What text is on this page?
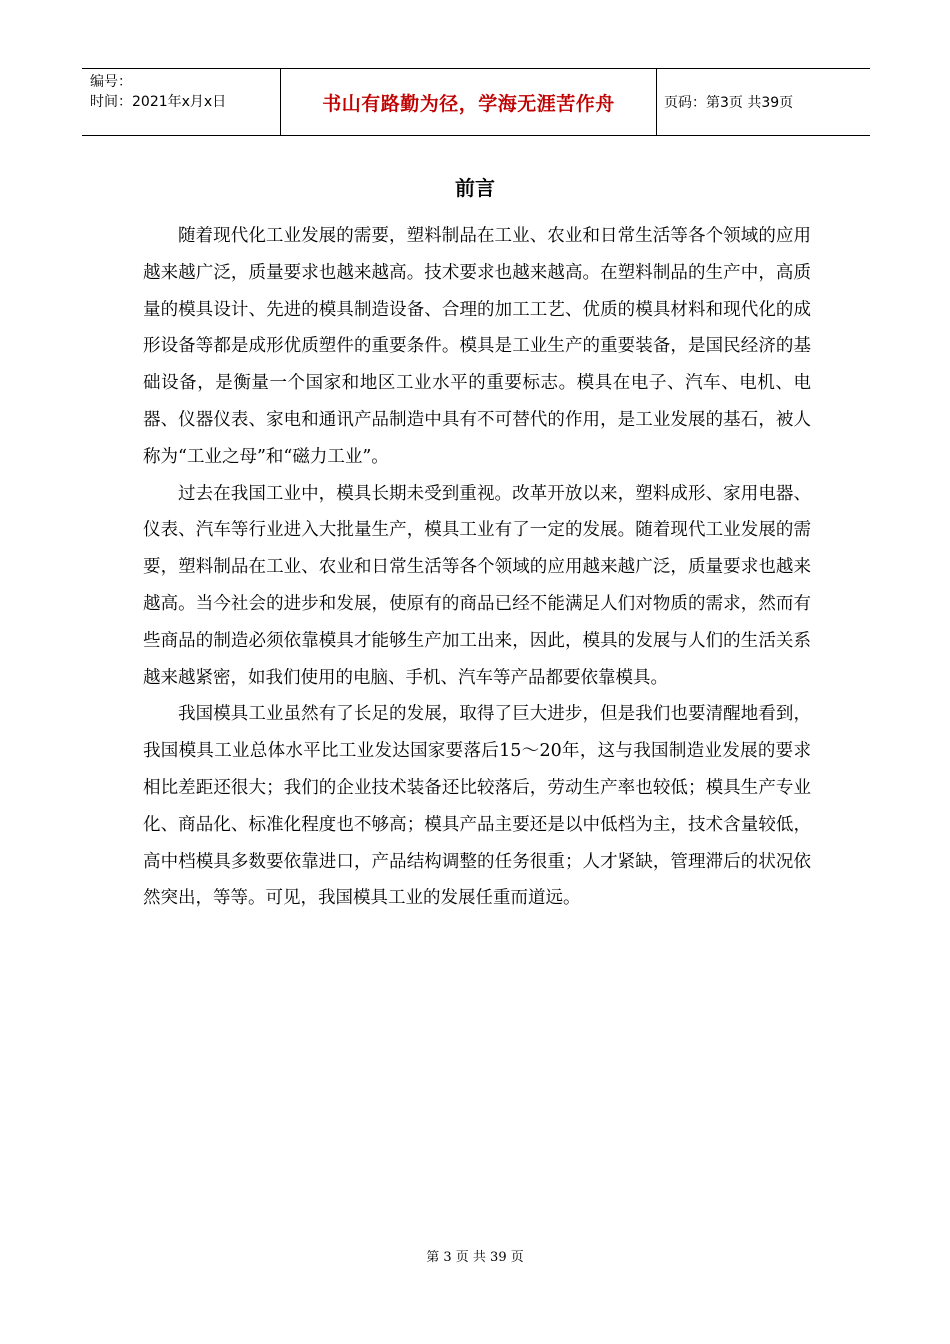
编号：
时间：2021年x月x日	书山有路勤为径，学海无涯苦作舟	页码：第3页 共39页
前言

随着现代化工业发展的需要，塑料制品在工业、农业和日常生活等各个领域的应用越来越广泛，质量要求也越来越高。技术要求也越来越高。在塑料制品的生产中，高质量的模具设计、先进的模具制造设备、合理的加工工艺、优质的模具材料和现代化的成形设备等都是成形优质塑件的重要条件。模具是工业生产的重要装备，是国民经济的基础设备，是衡量一个国家和地区工业水平的重要标志。模具在电子、汽车、电机、电器、仪器仪表、家电和通讯产品制造中具有不可替代的作用，是工业发展的基石，被人称为“工业之母”和“磁力工业”。

过去在我国工业中，模具长期未受到重视。改革开放以来，塑料成形、家用电器、仪表、汽车等行业进入大批量生产，模具工业有了一定的发展。随着现代工业发展的需要，塑料制品在工业、农业和日常生活等各个领域的应用越来越广泛，质量要求也越来越高。当今社会的进步和发展，使原有的商品已经不能满足人们对物质的需求，然而有些商品的制造必须依靠模具才能够生产加工出来，因此，模具的发展与人们的生活关系越来越紧密，如我们使用的电脑、手机、汽车等产品都要依靠模具。

我国模具工业虽然有了长足的发展，取得了巨大进步，但是我们也要清醒地看到，我国模具工业总体水平比工业发达国家要落后15～20年，这与我国制造业发展的要求相比差距还很大；我们的企业技术装备还比较落后，劳动生产率也较低；模具生产专业化、商品化、标准化程度也不够高；模具产品主要还是以中低档为主，技术含量较低，高中档模具多数要依靠进口，产品结构调整的任务很重；人才紧缺，管理滞后的状况依然突出，等等。可见，我国模具工业的发展任重而道远。

第 3 页 共 39 页
